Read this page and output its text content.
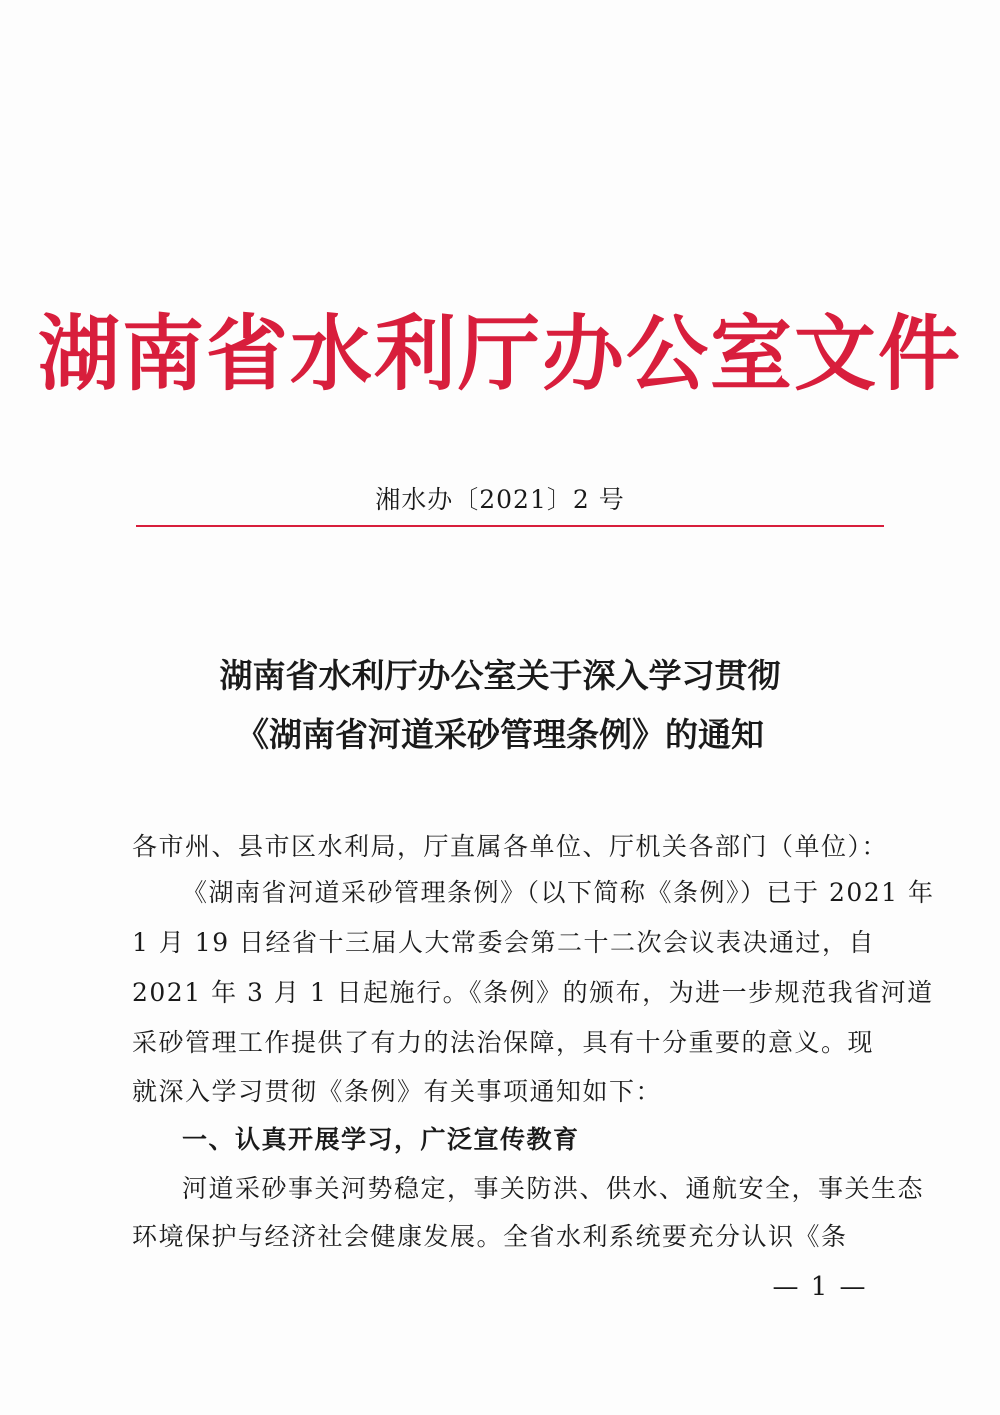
湖南省水利厅办公室文件
湘水办〔2021〕2 号
湖南省水利厅办公室关于深入学习贯彻
《湖南省河道采砂管理条例》的通知
各市州、县市区水利局，厅直属各单位、厅机关各部门（单位）：
《湖南省河道采砂管理条例》（以下简称《条例》）已于 2021 年
1 月 19 日经省十三届人大常委会第二十二次会议表决通过，自
2021 年 3 月 1 日起施行。《条例》的颁布，为进一步规范我省河道
采砂管理工作提供了有力的法治保障，具有十分重要的意义。现
就深入学习贯彻《条例》有关事项通知如下：
一、认真开展学习，广泛宣传教育
河道采砂事关河势稳定，事关防洪、供水、通航安全，事关生态
环境保护与经济社会健康发展。全省水利系统要充分认识《条
— 1 —
